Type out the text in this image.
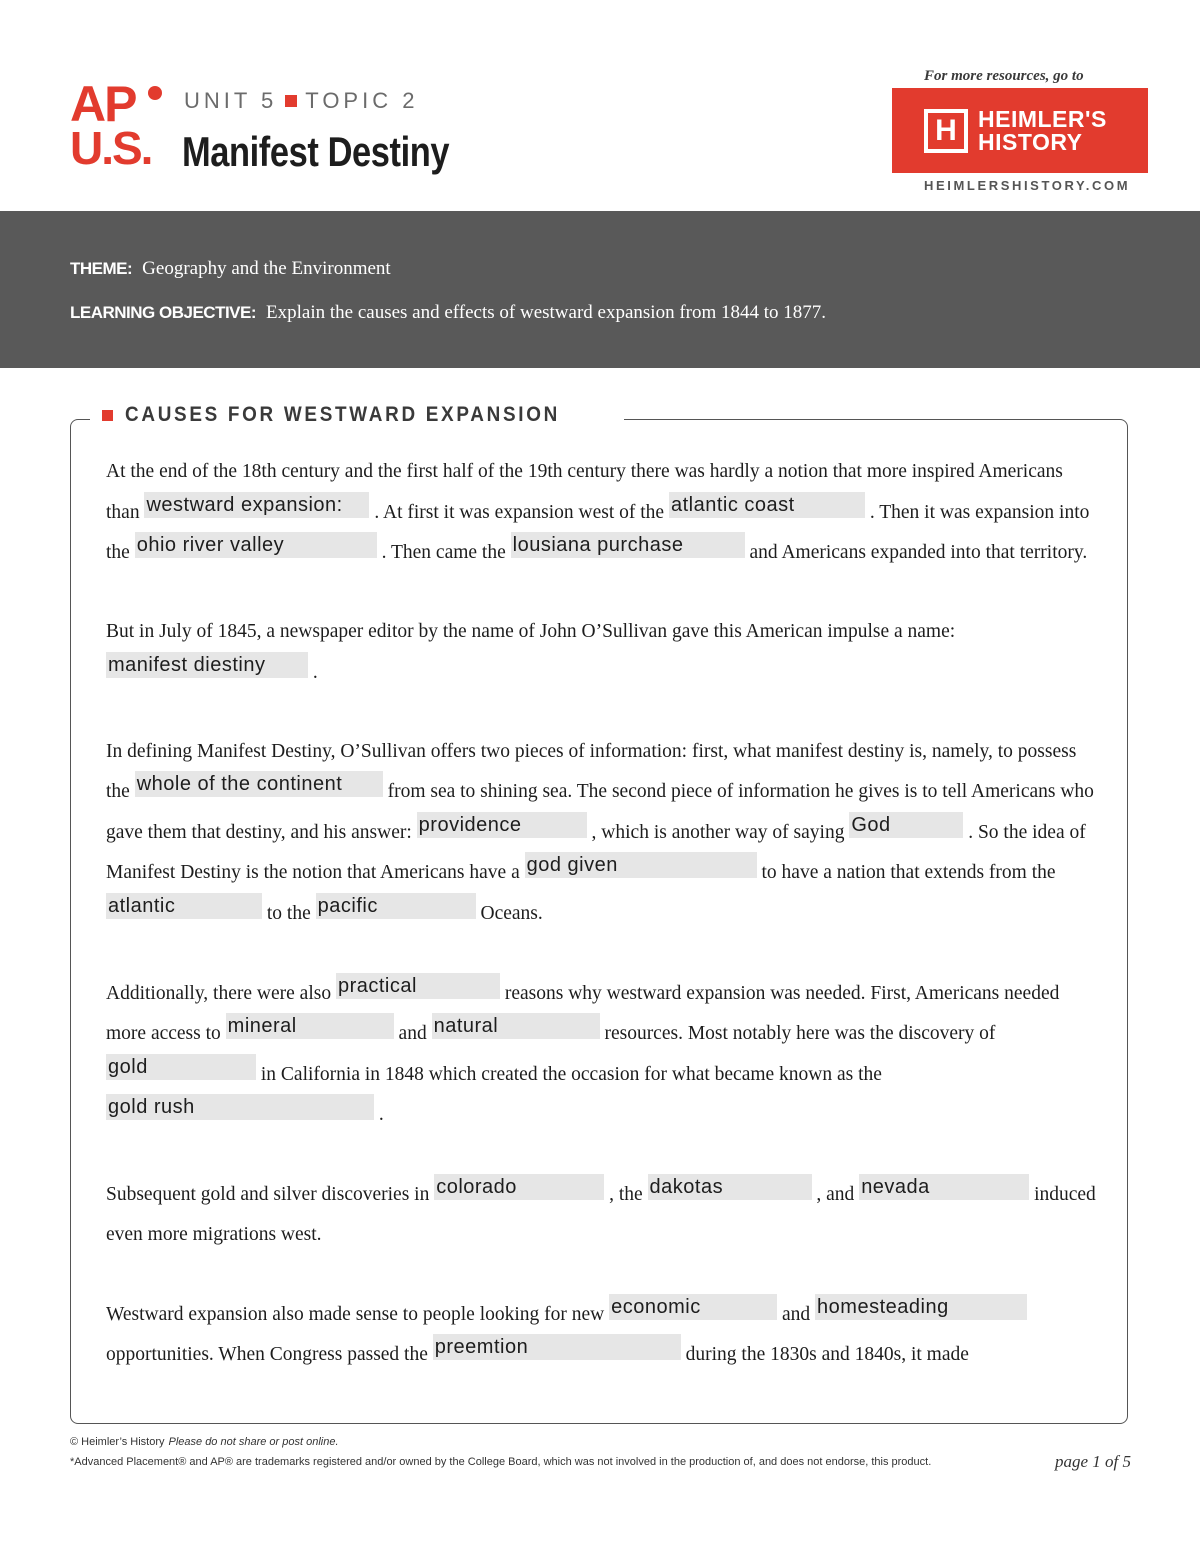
AP
U.S.
UNIT 5 TOPIC 2
Manifest Destiny
For more resources, go to
H HEIMLER'S
HISTORY
HEIMLERSHISTORY.COM
THEME: Geography and the Environment
LEARNING OBJECTIVE: Explain the causes and effects of westward expansion from 1844 to 1877.
CAUSES FOR WESTWARD EXPANSION

At the end of the 18th century and the first half of the 19th century there was hardly a notion that more inspired Americans than westward expansion: . At first it was expansion west of the atlantic coast	. Then it was expansion into the ohio river valley	. Then came the lousiana purchase	and Americans expanded into that territory.

But in July of 1845, a newspaper editor by the name of John O’Sullivan gave this American impulse a name: manifest diestiny .

In defining Manifest Destiny, O’Sullivan offers two pieces of information: first, what manifest destiny is, namely, to possess the whole of the continent from sea to shining sea. The second piece of information he gives is to tell Americans who gave them that destiny, and his answer: providence	, which is another way of saying God	. So the idea of Manifest Destiny is the notion that Americans have a god given	to have a nation that extends from the atlantic	to the pacific	Oceans.

Additionally, there were also practical	reasons why westward expansion was needed. First, Americans needed more access to mineral	and natural	resources. Most notably here was the discovery of gold	in California in 1848 which created the occasion for what became known as the gold rush	.

Subsequent gold and silver discoveries in colorado	, the dakotas	, and nevada	induced even more migrations west.

Westward expansion also made sense to people looking for new economic	and homesteading opportunities. When Congress passed the preemtion	during the 1830s and 1840s, it made

© Heimler’s History Please do not share or post online.
*Advanced Placement® and AP® are trademarks registered and/or owned by the College Board, which was not involved in the production of, and does not endorse, this product.	page 1 of 5
